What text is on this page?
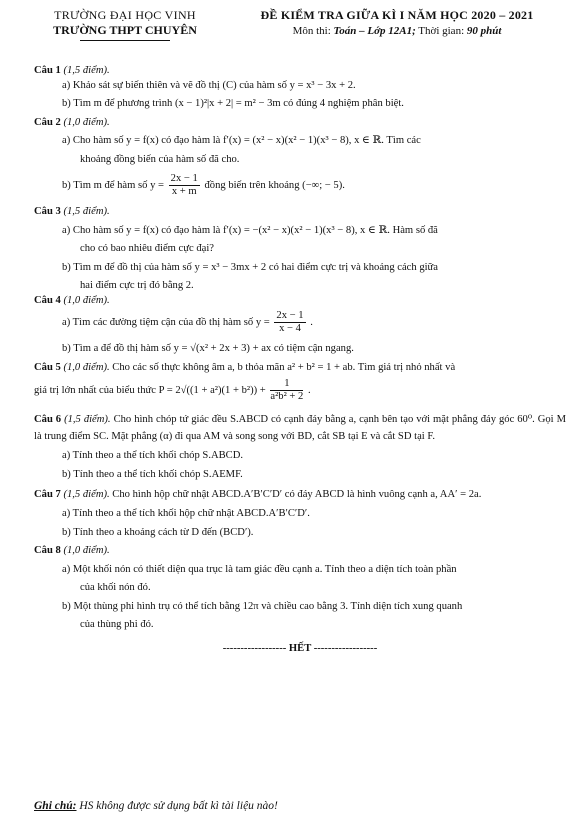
TRƯỜNG ĐẠI HỌC VINH
TRƯỜNG THPT CHUYÊN
ĐỀ KIỂM TRA GIỮA KÌ I NĂM HỌC 2020 – 2021
Môn thi: Toán – Lớp 12A1; Thời gian: 90 phút
Câu 1 (1,5 điểm).
a) Khảo sát sự biến thiên và vẽ đồ thị (C) của hàm số y = x³ − 3x + 2.
b) Tìm m để phương trình (x − 1)²|x + 2| = m² − 3m có đúng 4 nghiệm phân biệt.
Câu 2 (1,0 điểm).
a) Cho hàm số y = f(x) có đạo hàm là f′(x) = (x² − x)(x² − 1)(x³ − 8), x ∈ ℝ. Tìm các
khoảng đồng biến của hàm số đã cho.
b) Tìm m để hàm số $y = \frac{2x - 1}{x + m}$ đồng biến trên khoảng (−∞; − 5).
Câu 3 (1,5 điểm).
a) Cho hàm số y = f(x) có đạo hàm là f′(x) = −(x² − x)(x² − 1)(x³ − 8), x ∈ ℝ. Hàm số đã
cho có bao nhiêu điểm cực đại?
b) Tìm m để đồ thị của hàm số y = x³ − 3mx + 2 có hai điểm cực trị và khoảng cách giữa
hai điểm cực trị đó bằng 2.
Câu 4 (1,0 điểm).
a) Tìm các đường tiệm cận của đồ thị hàm số $y = \frac{2x - 1}{x - 4}$ .
b) Tìm a để đồ thị hàm số y = √(x² + 2x + 3) + ax có tiệm cận ngang.
Câu 5 (1,0 điểm). Cho các số thực không âm a, b thỏa mãn a² + b² = 1 + ab. Tìm giá trị nhỏ nhất và
giá trị lớn nhất của biểu thức $P = 2√((1 + a^2)(1 + b^2)) + \frac{1}{\text{a²b² + 2}}$ .
Câu 6 (1,5 điểm). Cho hình chóp tứ giác đều S.ABCD có cạnh đáy bằng a, cạnh bên tạo với mặt phẳng đáy góc 60⁰. Gọi M là trung điểm SC. Mặt phẳng (α) đi qua AM và song song với BD, cắt SB tại E và cắt SD tại F.
a) Tính theo a thể tích khối chóp S.ABCD.
b) Tính theo a thể tích khối chóp S.AEMF.
Câu 7 (1,5 điểm). Cho hình hộp chữ nhật ABCD.A′B′C′D′ có đáy ABCD là hình vuông cạnh a, AA′ = 2a.
a) Tính theo a thể tích khối hộp chữ nhật ABCD.A′B′C′D′.
b) Tính theo a khoảng cách từ D đến (BCD′).
Câu 8 (1,0 điểm).
a) Một khối nón có thiết diện qua trục là tam giác đều cạnh a. Tính theo a diện tích toàn phần
của khối nón đó.
b) Một thùng phi hình trụ có thể tích bằng 12π và chiều cao bằng 3. Tính diện tích xung quanh
của thùng phi đó.
------------------ HẾT ------------------
Ghi chú: HS không được sử dụng bất kì tài liệu nào!
